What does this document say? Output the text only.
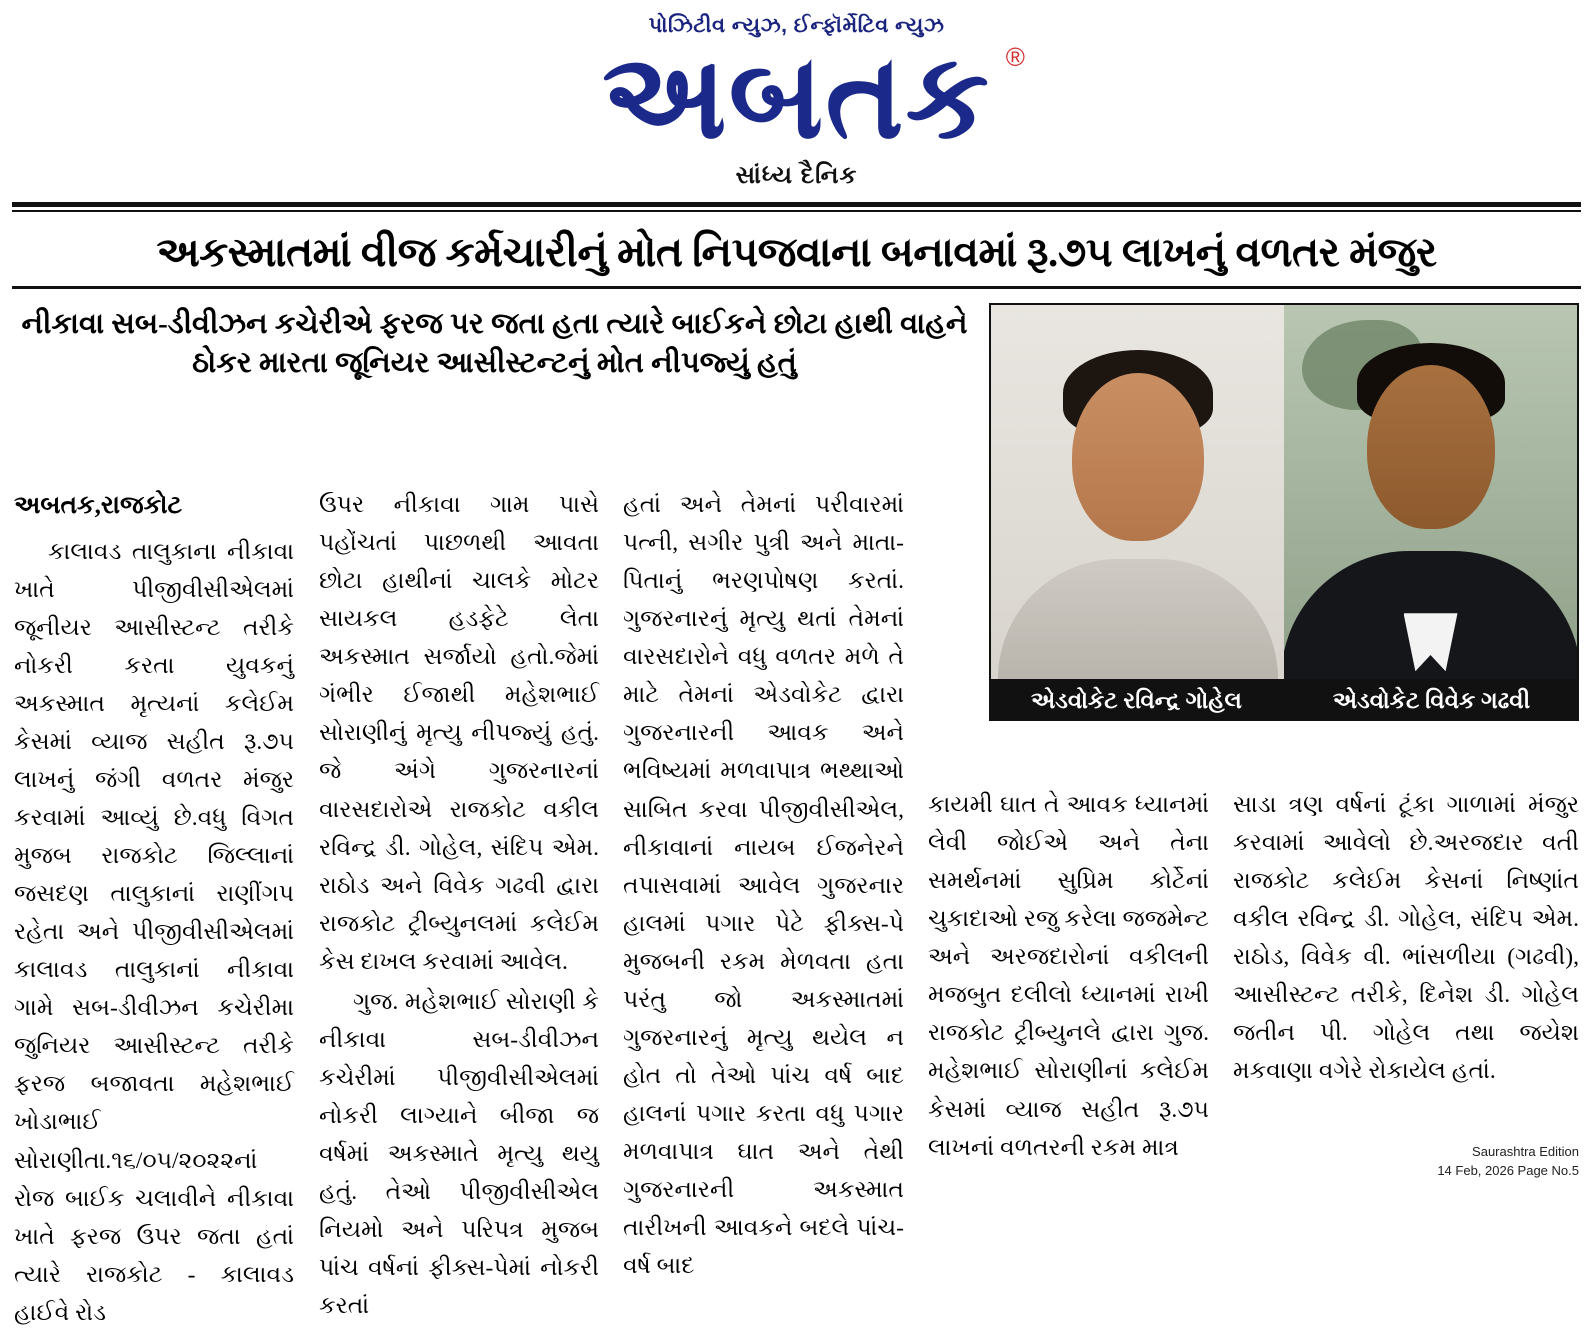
પોઝિટીવ ન્યુઝ, ઈન્ફૉર્મેટિવ ન્યુઝ
અબતક ®
સાંધ્ય દૈનિક
અકસ્માતમાં વીજ કર્મચારીનું મોત નિપજવાના બનાવમાં રૂ.૭૫ લાખનું વળતર મંજુર
નીકાવા સબ-ડીવીઝન કચેરીએ ફરજ પર જતા હતા ત્યારે બાઈકને છોટા હાથી વાહને ઠોકર મારતા જૂનિયર આસીસ્ટન્ટનું મોત નીપજ્યું હતું
એડવોકેટ રવિન્દ્ર ગોહેલ	એડવોકેટ વિવેક ગઢવી
અબતક,રાજકોટ

કાલાવડ તાલુકાના નીકાવા ખાતે પીજીવીસીએલમાં જૂનીયર આસીસ્ટન્ટ તરીકે નોકરી કરતા યુવકનું અકસ્માત મૃત્યનાં કલેઈમ કેસમાં વ્યાજ સહીત રૂ.૭૫ લાખનું જંગી વળતર મંજુર કરવામાં આવ્યું છે.વધુ વિગત મુજબ રાજકોટ જિલ્લાનાં જસદણ તાલુકાનાં રાણીંગપ રહેતા અને પીજીવીસીએલમાં કાલાવડ તાલુકાનાં નીકાવા ગામે સબ-ડીવીઝન કચેરીમા જુનિયર આસીસ્ટન્ટ તરીકે ફરજ બજાવતા મહેશભાઈ ખોડાભાઈ સોરાણીતા.૧૬/૦૫/૨૦૨૨નાં રોજ બાઈક ચલાવીને નીકાવા ખાતે ફરજ ઉપર જતા હતાં ત્યારે રાજકોટ - કાલાવડ હાઈવે રોડ

ઉપર નીકાવા ગામ પાસે પહોંચતાં પાછળથી આવતા છોટા હાથીનાં ચાલકે મોટર સાયકલ હડફેટે લેતા અકસ્માત સર્જાયો હતો.જેમાં ગંભીર ઈજાથી મહેશભાઈ સોરાણીનું મૃત્યુ નીપજ્યું હતું. જે અંગે ગુજરનારનાં વારસદારોએ રાજકોટ વકીલ રવિન્દ્ર ડી. ગોહેલ, સંદિપ એમ. રાઠોડ અને વિવેક ગઢવી દ્વારા રાજકોટ ટ્રીબ્યુનલમાં કલેઈમ કેસ દાખલ કરવામાં આવેલ.

ગુજ. મહેશભાઈ સોરાણી કે નીકાવા સબ-ડીવીઝન કચેરીમાં પીજીવીસીએલમાં નોકરી લાગ્યાને બીજા જ વર્ષમાં અકસ્માતે મૃત્યુ થયુ હતું. તેઓ પીજીવીસીએલ નિયમો અને પરિપત્ર મુજબ પાંચ વર્ષનાં ફીક્સ-પેમાં નોકરી કરતાં

હતાં અને તેમનાં પરીવારમાં પત્ની, સગીર પુત્રી અને માતા-પિતાનું ભરણપોષણ કરતાં. ગુજરનારનું મૃત્યુ થતાં તેમનાં વારસદારોને વધુ વળતર મળે તે માટે તેમનાં એડવોકેટ દ્વારા ગુજરનારની આવક અને ભવિષ્યમાં મળવાપાત્ર ભથ્થાઓ સાબિત કરવા પીજીવીસીએલ, નીકાવાનાં નાયબ ઈજનેરને તપાસવામાં આવેલ ગુજરનાર હાલમાં પગાર પેટે ફીક્સ-પે મુજબની રકમ મેળવતા હતા પરંતુ જો અકસ્માતમાં ગુજરનારનું મૃત્યુ થયેલ ન હોત તો તેઓ પાંચ વર્ષ બાદ હાલનાં પગાર કરતા વધુ પગાર મળવાપાત્ર ઘાત અને તેથી ગુજરનારની અકસ્માત તારીખની આવકને બદલે પાંચ-વર્ષ બાદ

કાયમી ઘાત તે આવક ધ્યાનમાં લેવી જોઈએ અને તેના સમર્થનમાં સુપ્રિમ કોર્ટેનાં ચુકાદાઓ રજુ કરેલા જજમેન્ટ અને અરજદારોનાં વકીલની મજબુત દલીલો ધ્યાનમાં રાખી રાજકોટ ટ્રીબ્યુનલે દ્વારા ગુજ. મહેશભાઈ સોરાણીનાં કલેઈમ કેસમાં વ્યાજ સહીત રૂ.૭૫ લાખનાં વળતરની રકમ માત્ર

સાડા ત્રણ વર્ષનાં ટૂંકા ગાળામાં મંજુર કરવામાં આવેલો છે.અરજદાર વતી રાજકોટ કલેઈમ કેસનાં નિષ્ણાંત વકીલ રવિન્દ્ર ડી. ગોહેલ, સંદિપ એમ. રાઠોડ, વિવેક વી. ભાંસળીયા (ગઢવી), આસીસ્ટન્ટ તરીકે, દિનેશ ડી. ગોહેલ જતીન પી. ગોહેલ તથા જયેશ મકવાણા વગેરે રોકાયેલ હતાં.

Saurashtra Edition
14 Feb, 2026 Page No.5
